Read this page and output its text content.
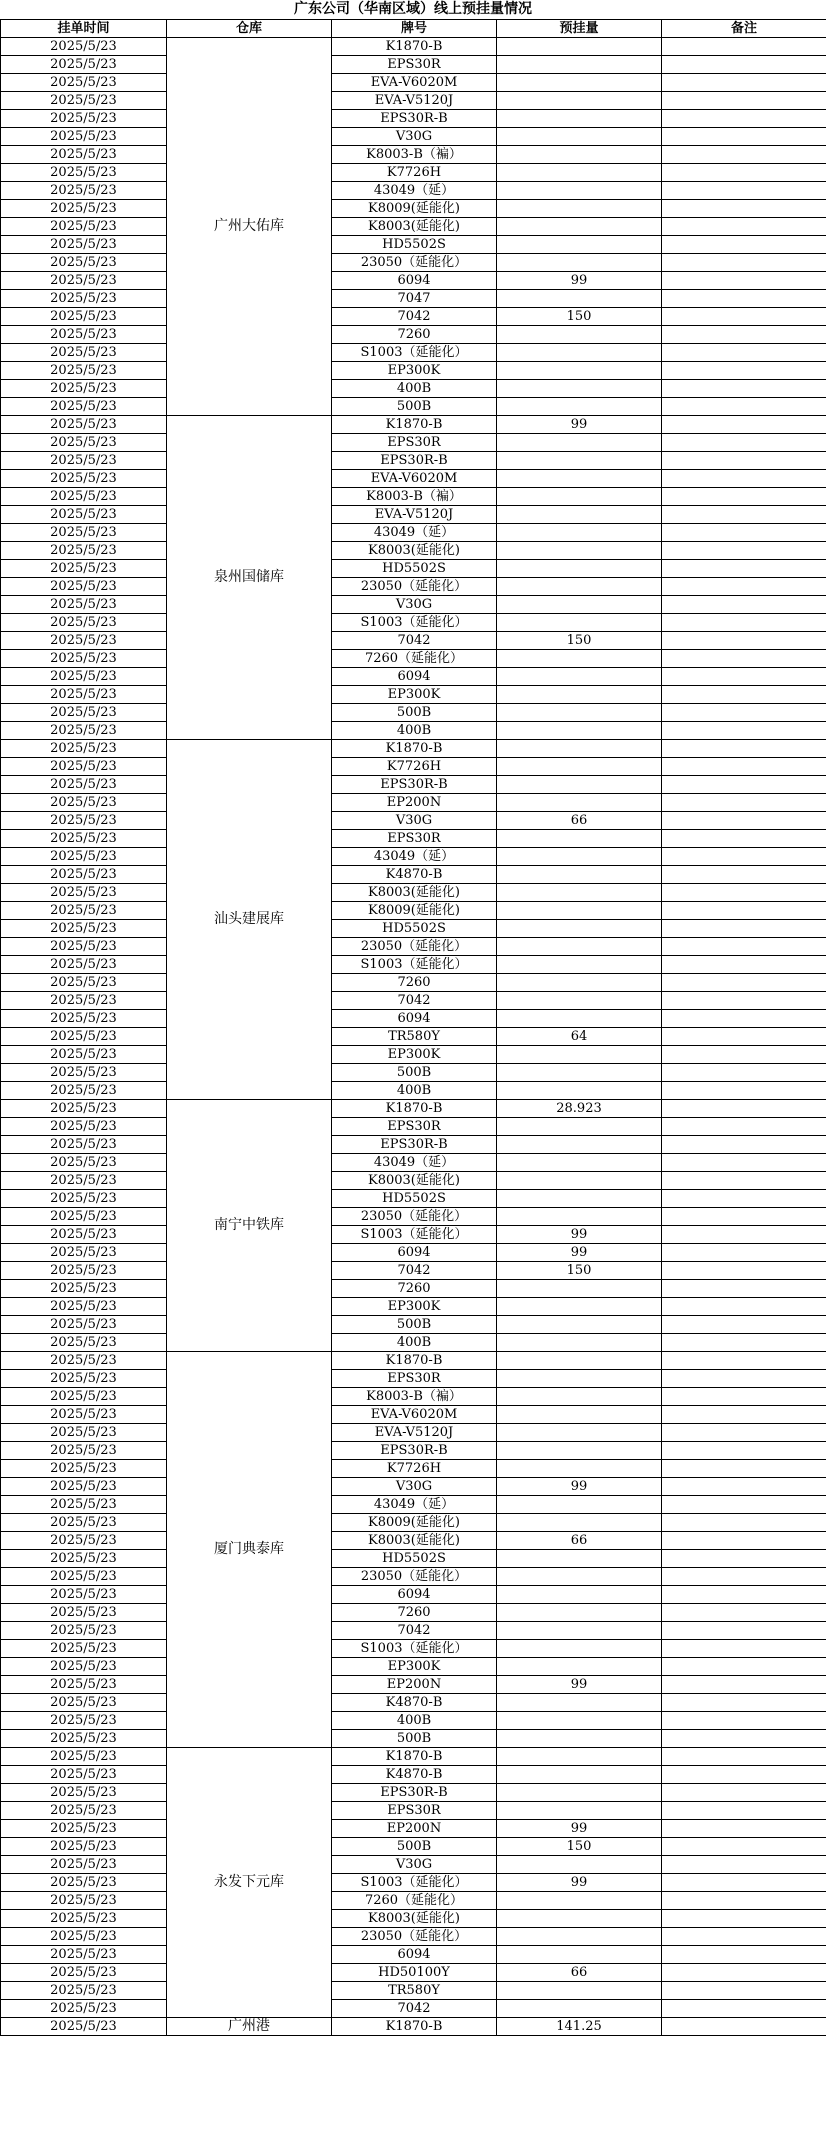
广东公司（华南区域）线上预挂量情况
挂单时间	仓库	牌号	预挂量	备注
2025/5/23	广州大佑库	K1870-B		
2025/5/23		EPS30R		
2025/5/23		EVA-V6020M		
2025/5/23		EVA-V5120J		
2025/5/23		EPS30R-B		
2025/5/23		V30G		
2025/5/23		K8003-B（褊）		
2025/5/23		K7726H		
2025/5/23		43049（延）		
2025/5/23		K8009(延能化)		
2025/5/23		K8003(延能化)		
2025/5/23		HD5502S		
2025/5/23		23050（延能化）		
2025/5/23		6094	99	
2025/5/23		7047		
2025/5/23		7042	150	
2025/5/23		7260		
2025/5/23		S1003（延能化）		
2025/5/23		EP300K		
2025/5/23		400B		
2025/5/23		500B		
2025/5/23	泉州国储库	K1870-B	99	
2025/5/23		EPS30R		
2025/5/23		EPS30R-B		
2025/5/23		EVA-V6020M		
2025/5/23		K8003-B（褊）		
2025/5/23		EVA-V5120J		
2025/5/23		43049（延）		
2025/5/23		K8003(延能化)		
2025/5/23		HD5502S		
2025/5/23		23050（延能化）		
2025/5/23		V30G		
2025/5/23		S1003（延能化）		
2025/5/23		7042	150	
2025/5/23		7260（延能化）		
2025/5/23		6094		
2025/5/23		EP300K		
2025/5/23		500B		
2025/5/23		400B		
2025/5/23	汕头建展库	K1870-B		
2025/5/23		K7726H		
2025/5/23		EPS30R-B		
2025/5/23		EP200N		
2025/5/23		V30G	66	
2025/5/23		EPS30R		
2025/5/23		43049（延）		
2025/5/23		K4870-B		
2025/5/23		K8003(延能化)		
2025/5/23		K8009(延能化)		
2025/5/23		HD5502S		
2025/5/23		23050（延能化）		
2025/5/23		S1003（延能化）		
2025/5/23		7260		
2025/5/23		7042		
2025/5/23		6094		
2025/5/23		TR580Y	64	
2025/5/23		EP300K		
2025/5/23		500B		
2025/5/23		400B		
2025/5/23	南宁中铁库	K1870-B	28.923	
2025/5/23		EPS30R		
2025/5/23		EPS30R-B		
2025/5/23		43049（延）		
2025/5/23		K8003(延能化)		
2025/5/23		HD5502S		
2025/5/23		23050（延能化）		
2025/5/23		S1003（延能化）	99	
2025/5/23		6094	99	
2025/5/23		7042	150	
2025/5/23		7260		
2025/5/23		EP300K		
2025/5/23		500B		
2025/5/23		400B		
2025/5/23	厦门典泰库	K1870-B		
2025/5/23		EPS30R		
2025/5/23		K8003-B（褊）		
2025/5/23		EVA-V6020M		
2025/5/23		EVA-V5120J		
2025/5/23		EPS30R-B		
2025/5/23		K7726H		
2025/5/23		V30G	99	
2025/5/23		43049（延）		
2025/5/23		K8009(延能化)		
2025/5/23		K8003(延能化)	66	
2025/5/23		HD5502S		
2025/5/23		23050（延能化）		
2025/5/23		6094		
2025/5/23		7260		
2025/5/23		7042		
2025/5/23		S1003（延能化）		
2025/5/23		EP300K		
2025/5/23		EP200N	99	
2025/5/23		K4870-B		
2025/5/23		400B		
2025/5/23		500B		
2025/5/23	永发下元库	K1870-B		
2025/5/23		K4870-B		
2025/5/23		EPS30R-B		
2025/5/23		EPS30R		
2025/5/23		EP200N	99	
2025/5/23		500B	150	
2025/5/23		V30G		
2025/5/23		S1003（延能化）	99	
2025/5/23		7260（延能化）		
2025/5/23		K8003(延能化)		
2025/5/23		23050（延能化）		
2025/5/23		6094		
2025/5/23		HD50100Y	66	
2025/5/23		TR580Y		
2025/5/23		7042		
2025/5/23	广州港	K1870-B	141.25	
